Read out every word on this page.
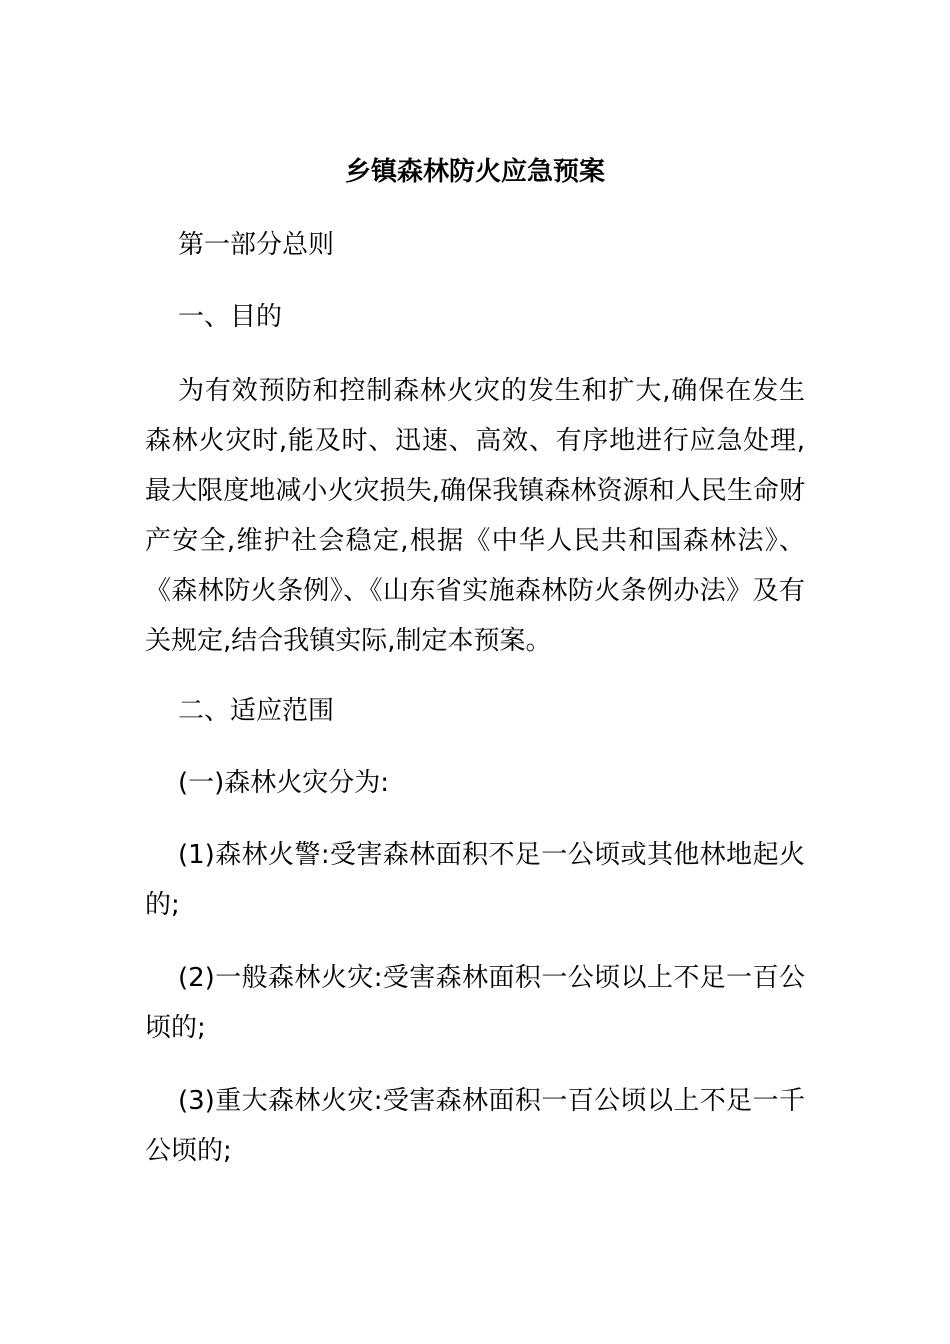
乡镇森林防火应急预案
第一部分总则
一、目的
为有效预防和控制森林火灾的发生和扩大,确保在发生森林火灾时,能及时、迅速、高效、有序地进行应急处理,最大限度地减小火灾损失,确保我镇森林资源和人民生命财产安全,维护社会稳定,根据《中华人民共和国森林法》、《森林防火条例》、《山东省实施森林防火条例办法》及有关规定,结合我镇实际,制定本预案。
二、适应范围
(一)森林火灾分为:
(1)森林火警:受害森林面积不足一公顷或其他林地起火的;
(2)一般森林火灾:受害森林面积一公顷以上不足一百公顷的;
(3)重大森林火灾:受害森林面积一百公顷以上不足一千公顷的;
